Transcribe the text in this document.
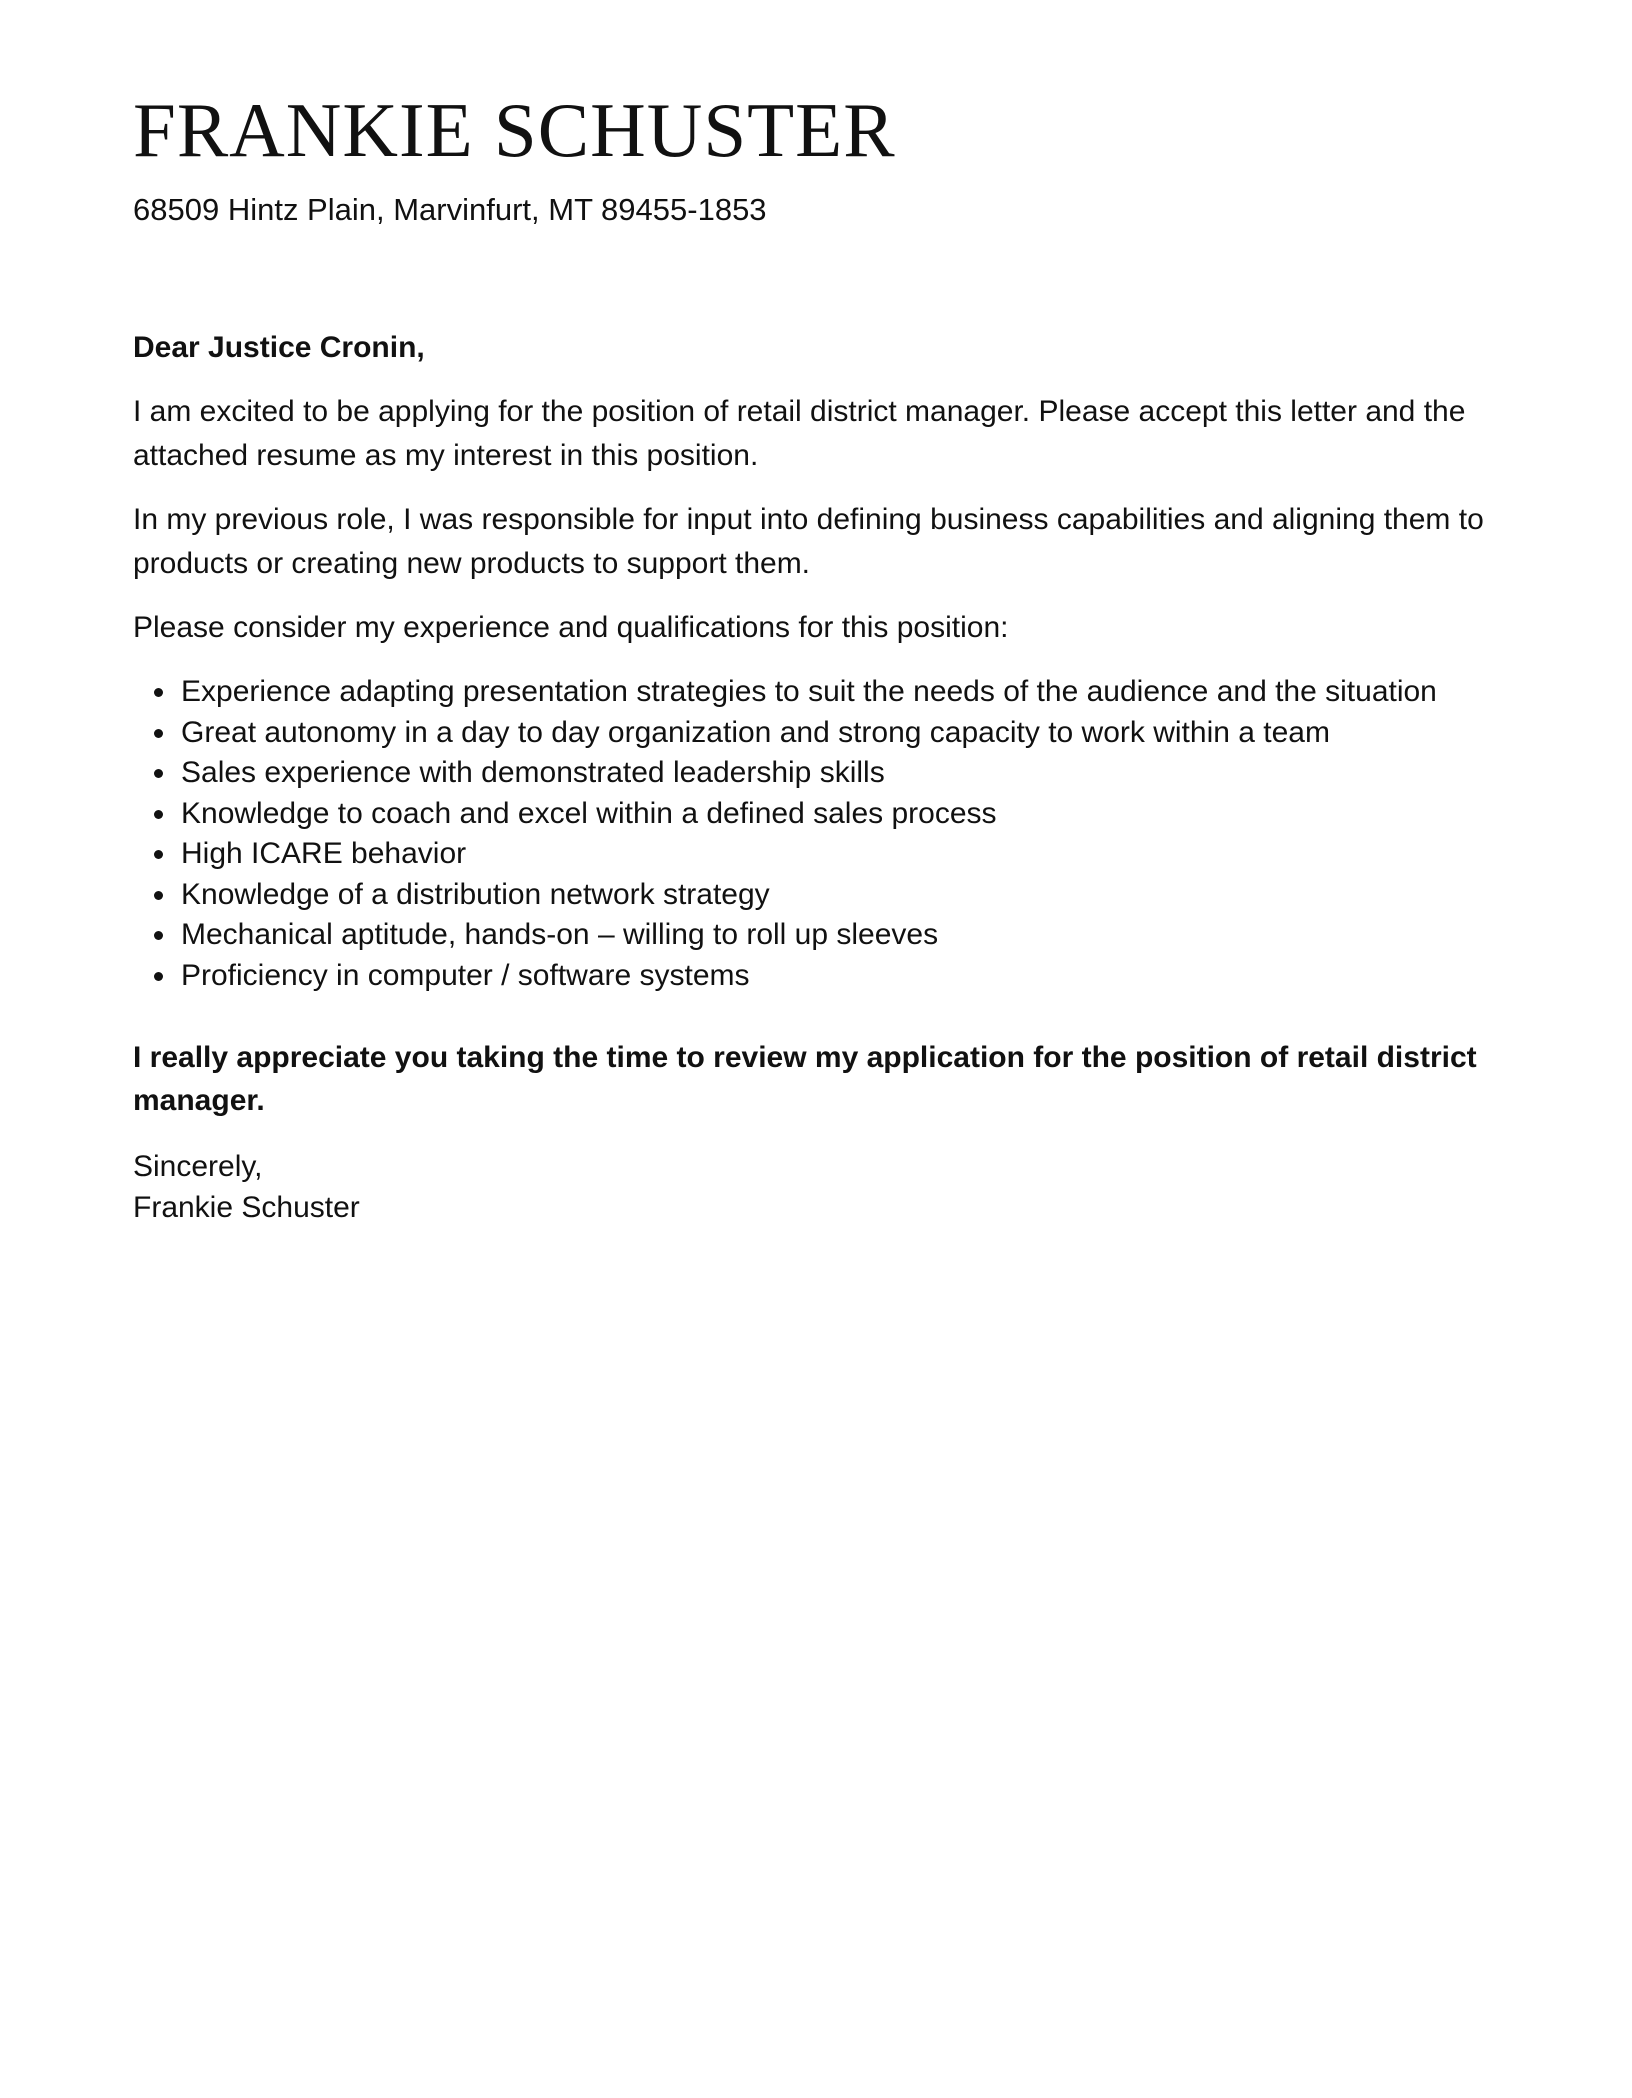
FRANKIE SCHUSTER
68509 Hintz Plain, Marvinfurt, MT 89455-1853
Dear Justice Cronin,

I am excited to be applying for the position of retail district manager. Please accept this letter and the attached resume as my interest in this position.

In my previous role, I was responsible for input into defining business capabilities and aligning them to products or creating new products to support them.

Please consider my experience and qualifications for this position:

Experience adapting presentation strategies to suit the needs of the audience and the situation
Great autonomy in a day to day organization and strong capacity to work within a team
Sales experience with demonstrated leadership skills
Knowledge to coach and excel within a defined sales process
High ICARE behavior
Knowledge of a distribution network strategy
Mechanical aptitude, hands-on – willing to roll up sleeves
Proficiency in computer / software systems

I really appreciate you taking the time to review my application for the position of retail district manager.

Sincerely,
Frankie Schuster
